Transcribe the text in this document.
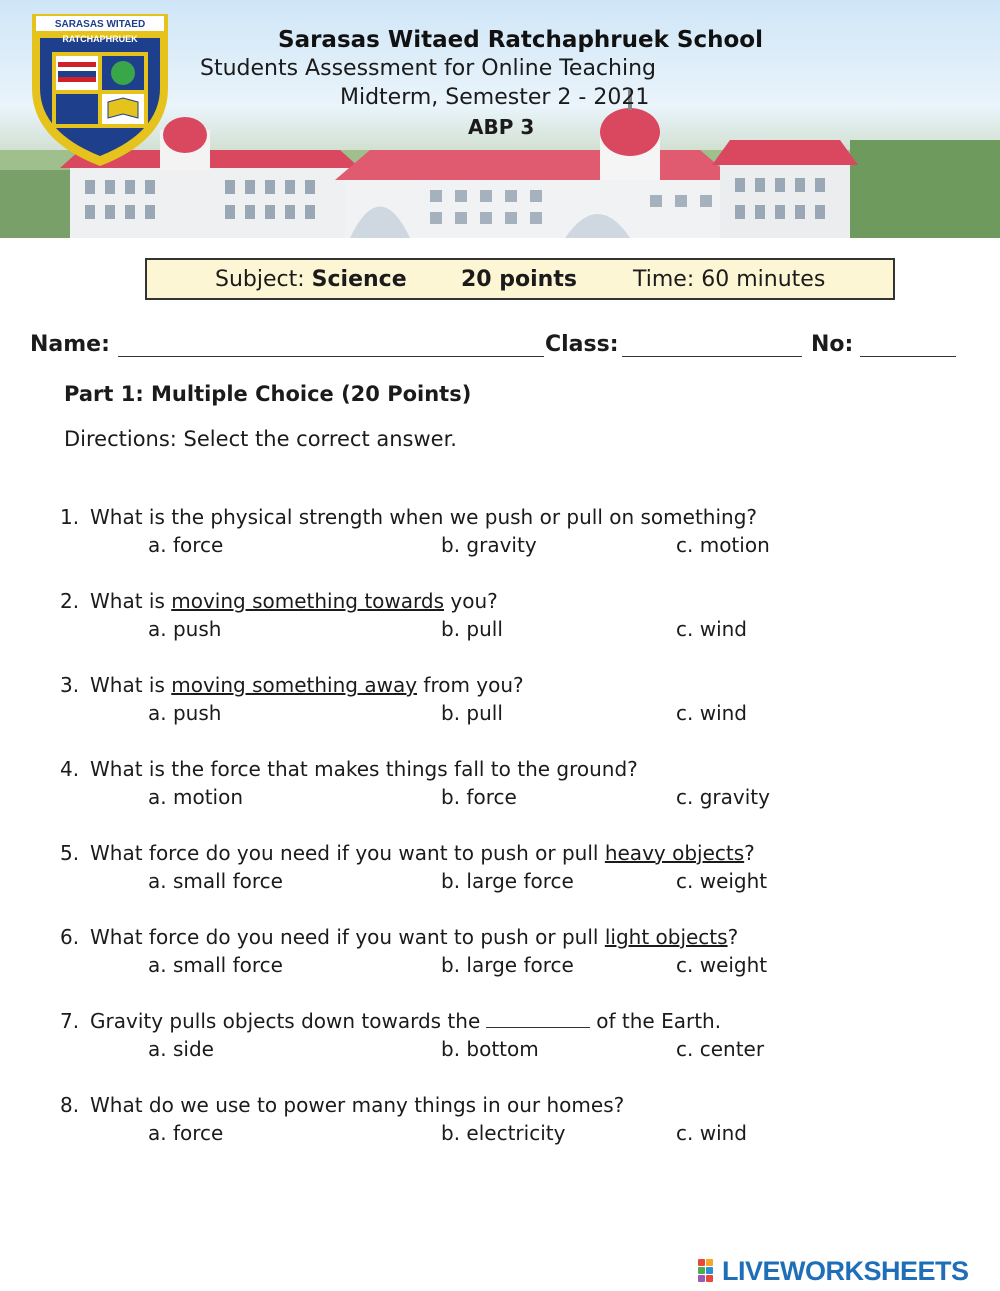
SARASAS WITAED
RATCHAPHRUEK	Sarasas Witaed Ratchaphruek School
Students Assessment for Online Teaching
Midterm, Semester 2 - 2021
ABP 3
Subject: Science 20 points	Time: 60 minutes
Name:	Class:	No:
Part 1: Multiple Choice (20 Points)
Directions: Select the correct answer.
1. What is the physical strength when we push or pull on something?
a. force	b. gravity	c. motion
2. What is moving something towards you?
a. push	b. pull	c. wind
3. What is moving something away from you?
a. push	b. pull	c. wind
4. What is the force that makes things fall to the ground?
a. motion	b. force	c. gravity
5. What force do you need if you want to push or pull heavy objects?
a. small force	b. large force	c. weight
6. What force do you need if you want to push or pull light objects?
a. small force	b. large force	c. weight
7. Gravity pulls objects down towards the	of the Earth.
a. side	b. bottom	c. center
8. What do we use to power many things in our homes?
a. force	b. electricity	c. wind
LIVEWORKSHEETS
